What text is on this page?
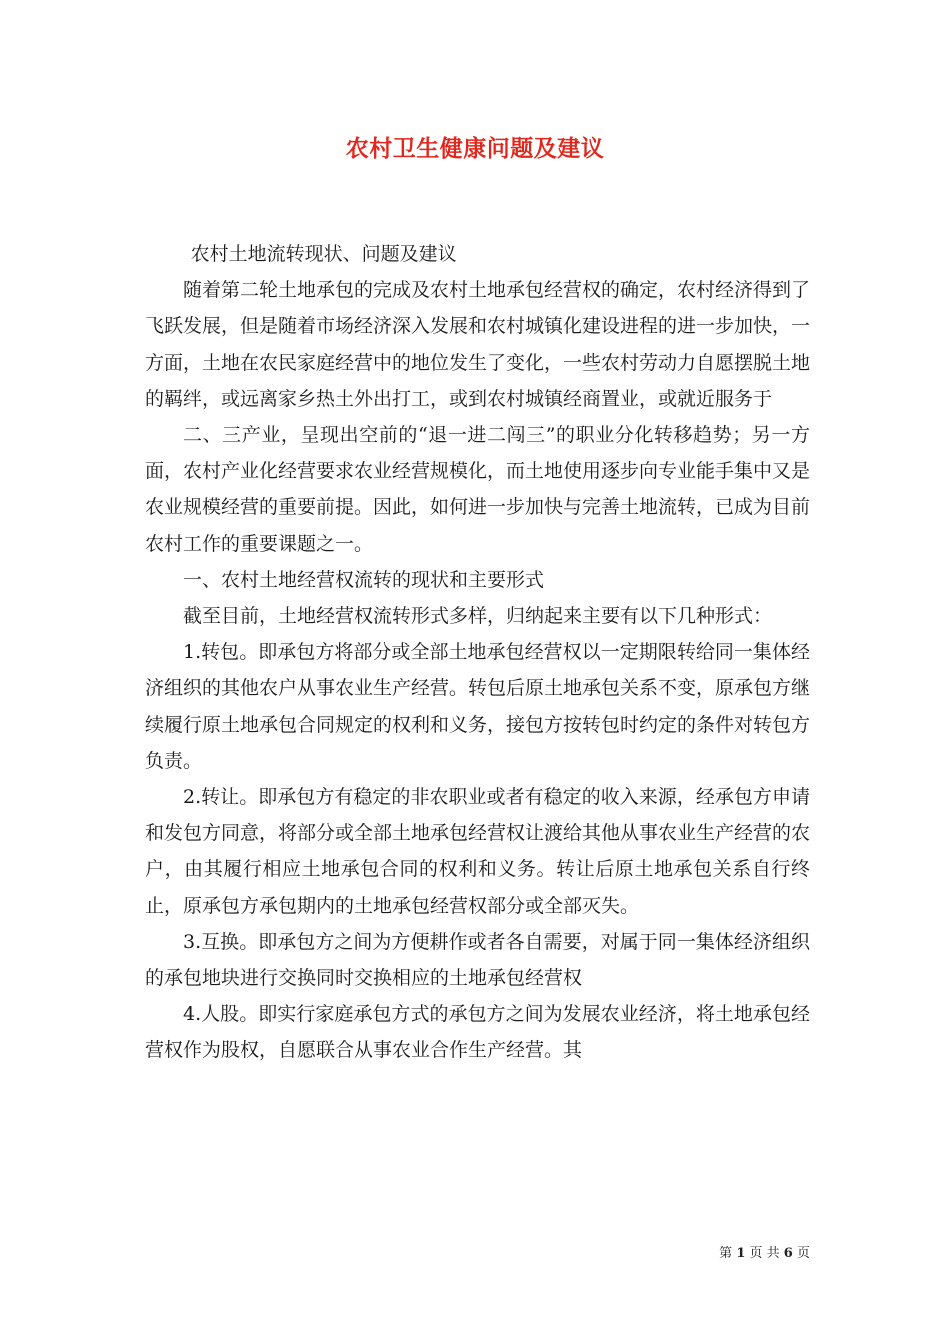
农村卫生健康问题及建议

农村土地流转现状、问题及建议

随着第二轮土地承包的完成及农村土地承包经营权的确定，农村经济得到了飞跃发展，但是随着市场经济深入发展和农村城镇化建设进程的进一步加快，一方面，土地在农民家庭经营中的地位发生了变化，一些农村劳动力自愿摆脱土地的羁绊，或远离家乡热土外出打工，或到农村城镇经商置业，或就近服务于

二、三产业，呈现出空前的“退一进二闯三”的职业分化转移趋势；另一方面，农村产业化经营要求农业经营规模化，而土地使用逐步向专业能手集中又是农业规模经营的重要前提。因此，如何进一步加快与完善土地流转，已成为目前农村工作的重要课题之一。

一、农村土地经营权流转的现状和主要形式

截至目前，土地经营权流转形式多样，归纳起来主要有以下几种形式：

1.转包。即承包方将部分或全部土地承包经营权以一定期限转给同一集体经济组织的其他农户从事农业生产经营。转包后原土地承包关系不变，原承包方继续履行原土地承包合同规定的权利和义务，接包方按转包时约定的条件对转包方负责。

2.转让。即承包方有稳定的非农职业或者有稳定的收入来源，经承包方申请和发包方同意，将部分或全部土地承包经营权让渡给其他从事农业生产经营的农户，由其履行相应土地承包合同的权利和义务。转让后原土地承包关系自行终止，原承包方承包期内的土地承包经营权部分或全部灭失。

3.互换。即承包方之间为方便耕作或者各自需要，对属于同一集体经济组织的承包地块进行交换同时交换相应的土地承包经营权

4.人股。即实行家庭承包方式的承包方之间为发展农业经济，将土地承包经营权作为股权，自愿联合从事农业合作生产经营。其

第 1 页 共 6 页
